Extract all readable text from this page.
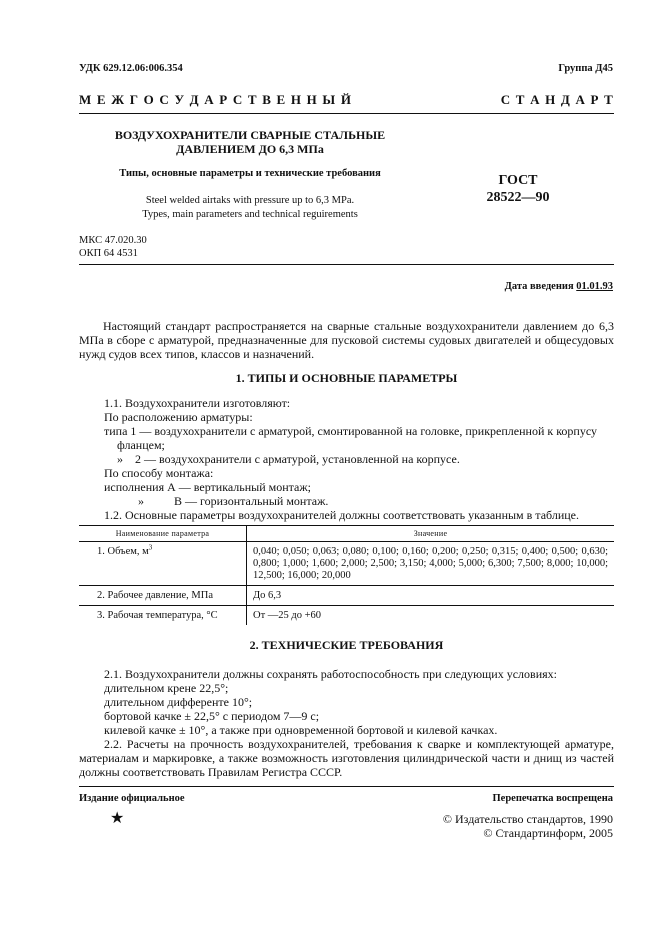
УДК 629.12.06:006.354	Группа Д45
М Е Ж Г О С У Д А Р С Т В Е Н Н Ы Й	С Т А Н Д А Р Т
ВОЗДУХОХРАНИТЕЛИ СВАРНЫЕ СТАЛЬНЫЕ
ДАВЛЕНИЕМ ДО 6,3 МПа
Типы, основные параметры и технические требования
Steel welded airtaks with pressure up to 6,3 MPa.
Types, main parameters and technical reguirements
ГОСТ
28522—90
МКС 47.020.30
ОКП 64 4531
Дата введения 01.01.93
Настоящий стандарт распространяется на сварные стальные воздухохранители давлением до 6,3 МПа в сборе с арматурой, предназначенные для пусковой системы судовых двигателей и общесудовых нужд судов всех типов, классов и назначений.
1. ТИПЫ И ОСНОВНЫЕ ПАРАМЕТРЫ
1.1. Воздухохранители изготовляют:
По расположению арматуры:
типа 1 — воздухохранители с арматурой, смонтированной на головке, прикрепленной к корпусу
фланцем;
»    2 — воздухохранители с арматурой, установленной на корпусе.
По способу монтажа:
исполнения А — вертикальный монтаж;
»          В — горизонтальный монтаж.
1.2. Основные параметры воздухохранителей должны соответствовать указанным в таблице.
Наименование параметра	Значение
1. Объем, $м^3$	0,040; 0,050; 0,063; 0,080; 0,100; 0,160; 0,200; 0,250; 0,315; 0,400; 0,500; 0,630; 0,800; 1,000; 1,600; 2,000; 2,500; 3,150; 4,000; 5,000; 6,300; 7,500; 8,000; 10,000; 12,500; 16,000; 20,000
2. Рабочее давление, МПа	До 6,3
3. Рабочая температура, °C	От —25 до +60
2. ТЕХНИЧЕСКИЕ ТРЕБОВАНИЯ
2.1. Воздухохранители должны сохранять работоспособность при следующих условиях:
длительном крене 22,5°;
длительном дифференте 10°;
бортовой качке ± 22,5° с периодом 7—9 с;
килевой качке ± 10°, а также при одновременной бортовой и килевой качках.
2.2. Расчеты на прочность воздухохранителей, требования к сварке и комплектующей арматуре, материалам и маркировке, а также возможность изготовления цилиндрической части и днищ из частей должны соответствовать Правилам Регистра СССР.
Издание официальное	Перепечатка воспрещена
★	© Издательство стандартов, 1990
© Стандартинформ, 2005
